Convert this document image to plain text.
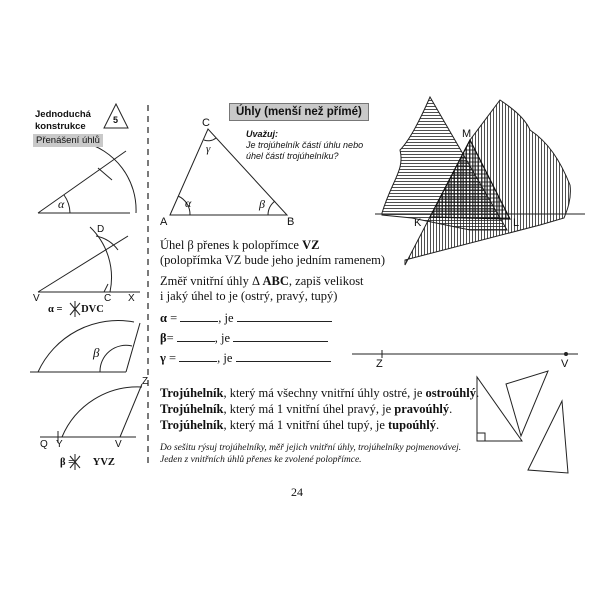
Jednoduchá
konstrukce
5
Přenášení úhlů
α
D
V	C X
α = DVC
β
Z
Q Y	V
β = YVZ
Úhly (menší než přímé)
Uvažuj:
Je trojúhelník částí úhlu nebo
úhel částí trojúhelníku?
C
A	B
α	β
γ
M
K	L
Úhel β přenes k polopřímce VZ
(polopřímka VZ bude jeho jedním ramenem)
Změř vnitřní úhly Δ ABC, zapiš velikost
i jaký úhel to je (ostrý, pravý, tupý)
α =	, je
β=	, je
γ =	, je	Z	V
Trojúhelník, který má všechny vnitřní úhly ostré, je ostroúhlý.
Trojúhelník, který má 1 vnitřní úhel pravý, je pravoúhlý.
Trojúhelník, který má 1 vnitřní úhel tupý, je tupoúhlý.
Do sešitu rýsuj trojúhelníky, měř jejich vnitřní úhly, trojúhelníky pojmenovávej.
Jeden z vnitřních úhlů přenes ke zvolené polopřímce.
24
